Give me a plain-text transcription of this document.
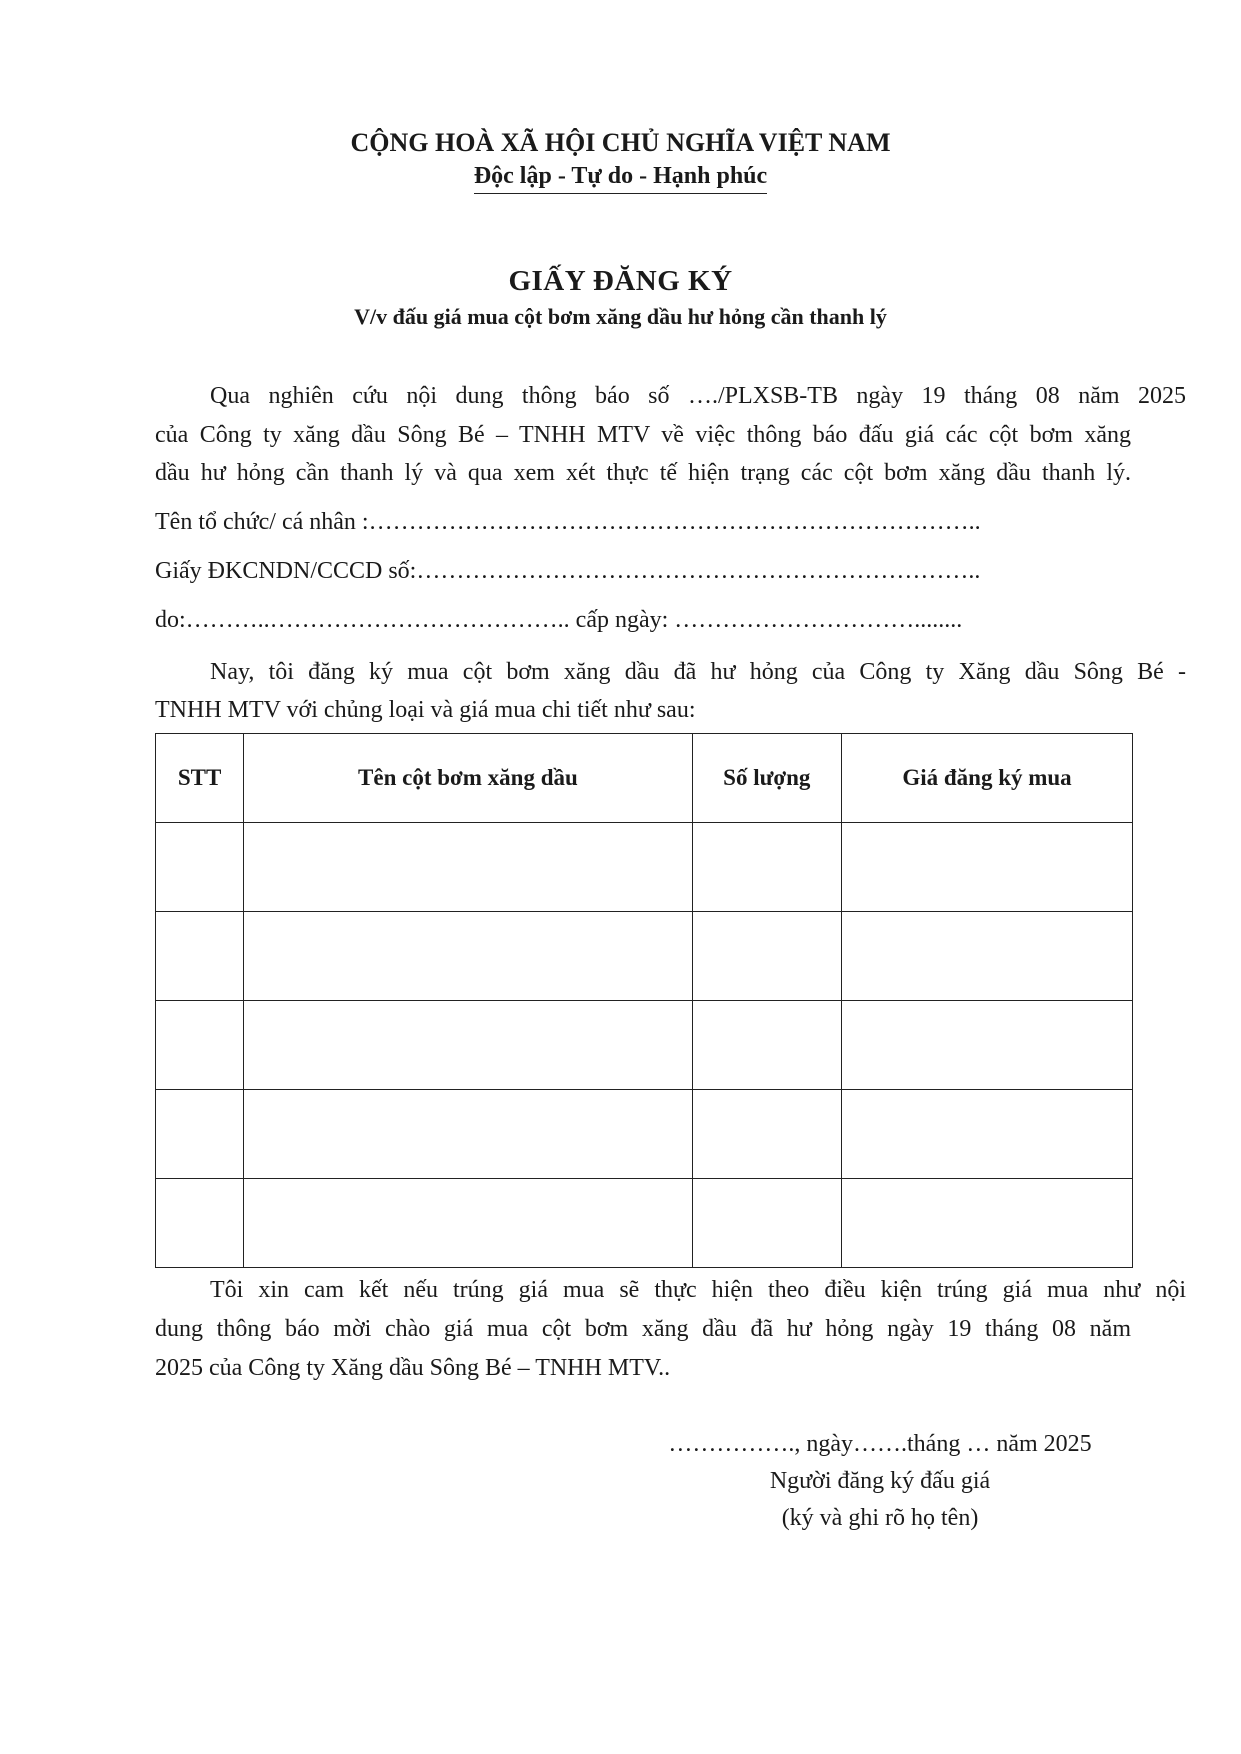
CỘNG HOÀ XÃ HỘI CHỦ NGHĨA VIỆT NAM
Độc lập - Tự do - Hạnh phúc
GIẤY ĐĂNG KÝ
V/v đấu giá mua cột bơm xăng dầu hư hỏng cần thanh lý
Qua nghiên cứu nội dung thông báo số …./PLXSB-TB ngày 19 tháng 08 năm 2025
của Công ty xăng dầu Sông Bé – TNHH MTV về việc thông báo đấu giá các cột bơm xăng
dầu hư hỏng cần thanh lý và qua xem xét thực tế hiện trạng các cột bơm xăng dầu thanh lý.
Tên tổ chức/ cá nhân :…………………………………………………………………..
Giấy ĐKCNDN/CCCD số:……………………………………………………………..
do:………..……………………………….. cấp ngày: …………………………........
Nay, tôi đăng ký mua cột bơm xăng dầu đã hư hỏng của Công ty Xăng dầu Sông Bé -
TNHH MTV với chủng loại và giá mua chi tiết như sau:
STT	Tên cột bơm xăng dầu	Số lượng	Giá đăng ký mua

Tôi xin cam kết nếu trúng giá mua sẽ thực hiện theo điều kiện trúng giá mua như nội
dung thông báo mời chào giá mua cột bơm xăng dầu đã hư hỏng ngày 19 tháng 08 năm
2025 của Công ty Xăng dầu Sông Bé – TNHH MTV..
……………., ngày…….tháng … năm 2025
Người đăng ký đấu giá
(ký và ghi rõ họ tên)
